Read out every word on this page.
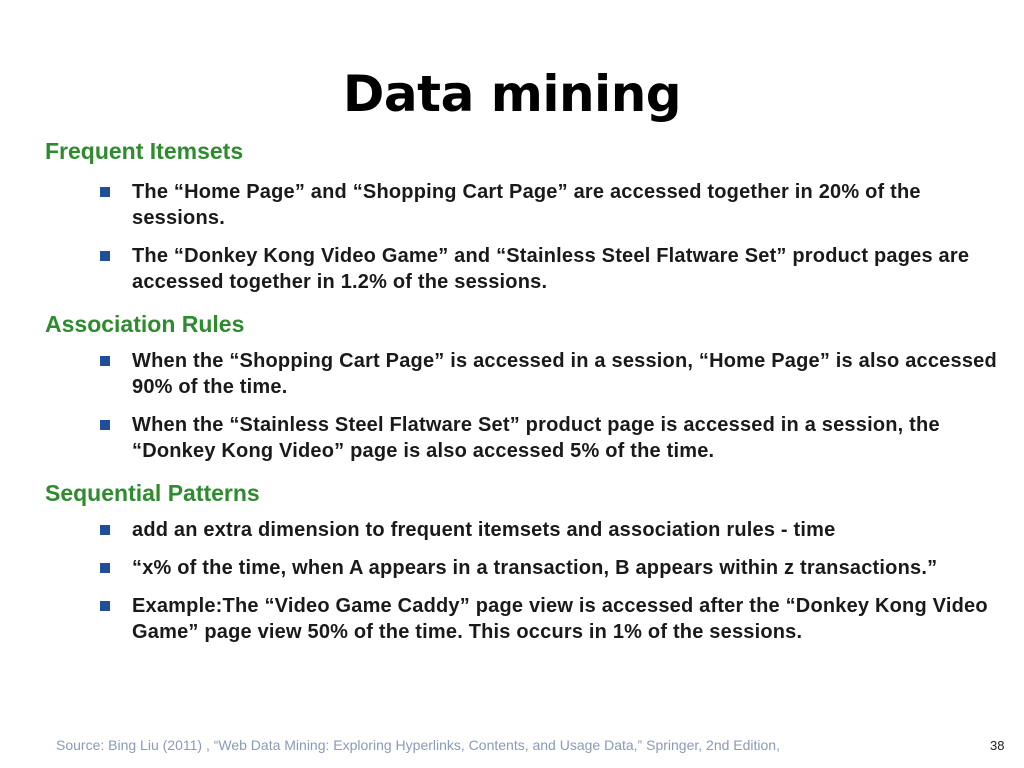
Data mining
Frequent Itemsets
The “Home Page” and “Shopping Cart Page” are accessed together in 20% of the sessions.
The “Donkey Kong Video Game” and “Stainless Steel Flatware Set” product pages are accessed together in 1.2% of the sessions.
Association Rules
When the “Shopping Cart Page” is accessed in a session, “Home Page” is also accessed 90% of the time.
When the “Stainless Steel Flatware Set” product page is accessed in a session, the “Donkey Kong Video” page is also accessed 5% of the time.
Sequential Patterns
add an extra dimension to frequent itemsets and association rules - time
“x% of the time, when A appears in a transaction, B appears within z transactions.”
Example:The “Video Game Caddy” page view is accessed after the “Donkey Kong Video Game” page view 50% of the time. This occurs in 1% of the sessions.
Source: Bing Liu (2011) , “Web Data Mining: Exploring Hyperlinks, Contents, and Usage Data,” Springer, 2nd Edition,	38
